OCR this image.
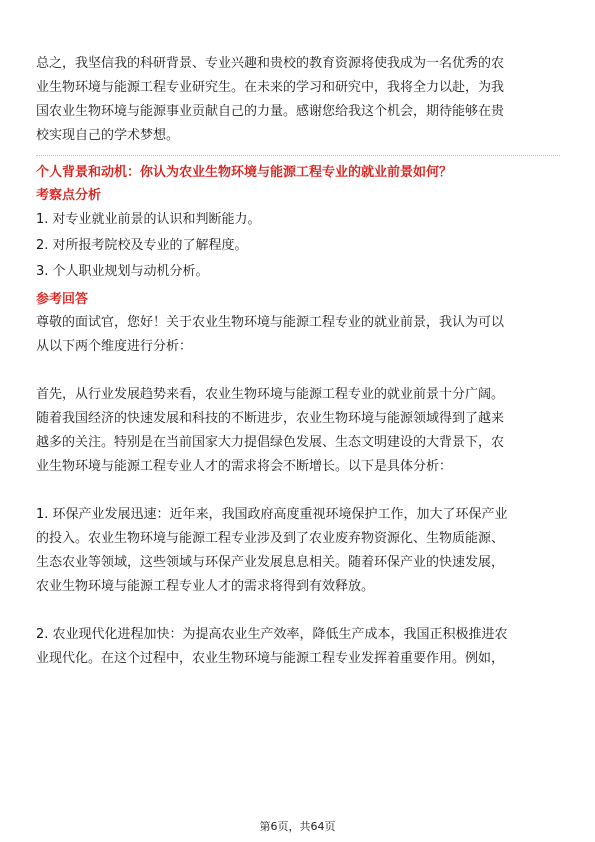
总之，我坚信我的科研背景、专业兴趣和贵校的教育资源将使我成为一名优秀的农
业生物环境与能源工程专业研究生。在未来的学习和研究中，我将全力以赴，为我
国农业生物环境与能源事业贡献自己的力量。感谢您给我这个机会，期待能够在贵
校实现自己的学术梦想。

个人背景和动机：你认为农业生物环境与能源工程专业的就业前景如何？

考察点分析

1. 对专业就业前景的认识和判断能力。

2. 对所报考院校及专业的了解程度。

3. 个人职业规划与动机分析。

参考回答

尊敬的面试官，您好！关于农业生物环境与能源工程专业的就业前景，我认为可以
从以下两个维度进行分析：

首先，从行业发展趋势来看，农业生物环境与能源工程专业的就业前景十分广阔。
随着我国经济的快速发展和科技的不断进步，农业生物环境与能源领域得到了越来
越多的关注。特别是在当前国家大力提倡绿色发展、生态文明建设的大背景下，农
业生物环境与能源工程专业人才的需求将会不断增长。以下是具体分析：

1. 环保产业发展迅速：近年来，我国政府高度重视环境保护工作，加大了环保产业
的投入。农业生物环境与能源工程专业涉及到了农业废弃物资源化、生物质能源、
生态农业等领域，这些领域与环保产业发展息息相关。随着环保产业的快速发展，
农业生物环境与能源工程专业人才的需求将得到有效释放。

2. 农业现代化进程加快：为提高农业生产效率，降低生产成本，我国正积极推进农
业现代化。在这个过程中，农业生物环境与能源工程专业发挥着重要作用。例如，

第6页，共64页
